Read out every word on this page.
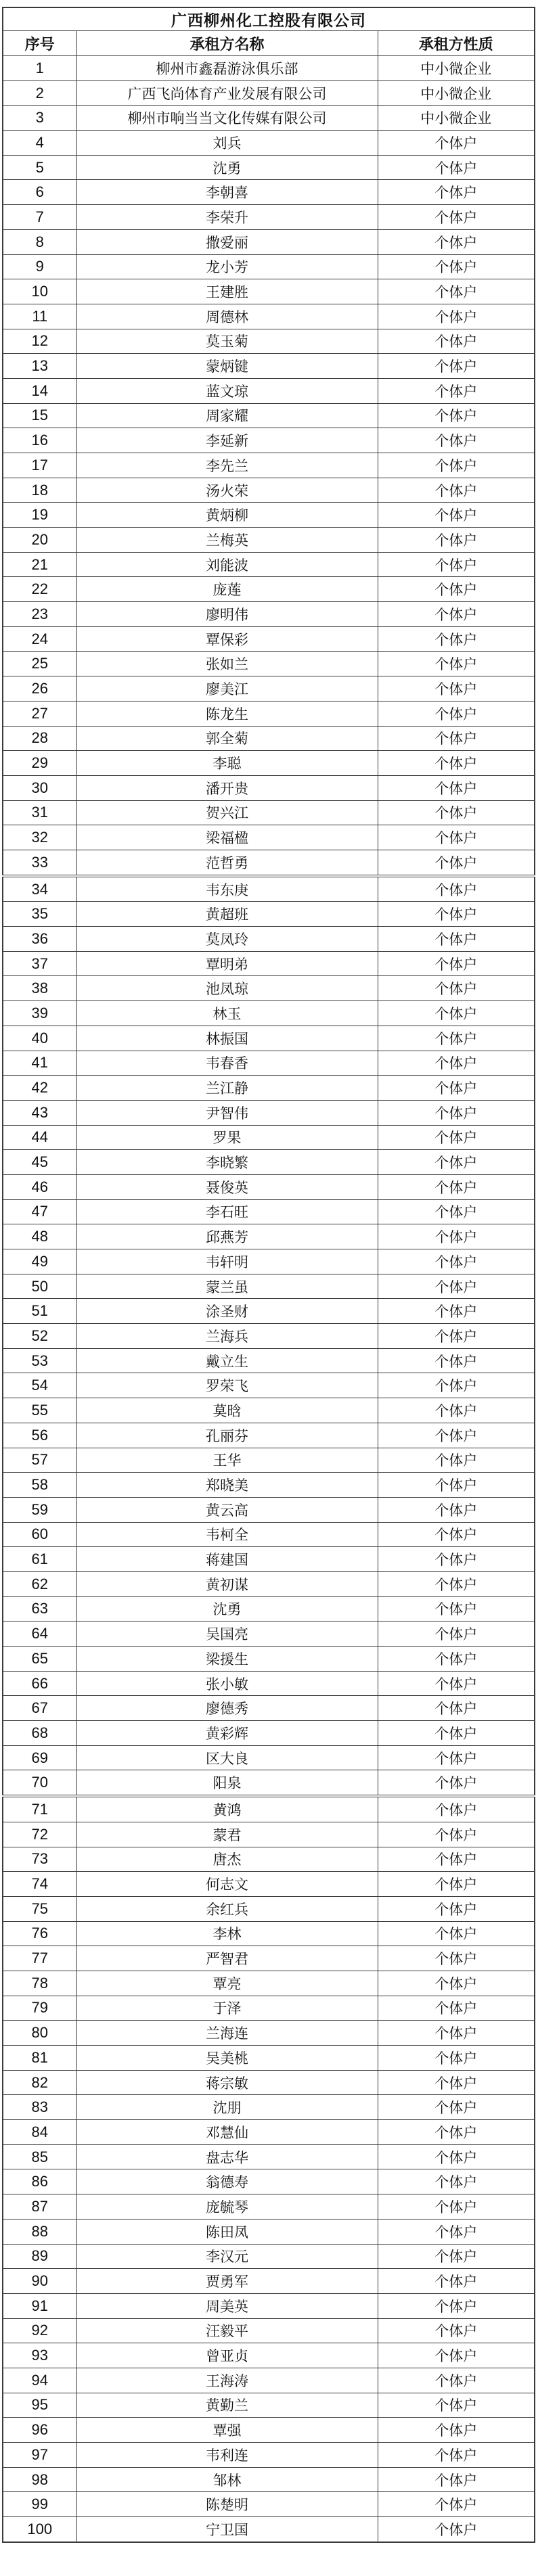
广西柳州化工控股有限公司		
序号	承租方名称	承租方性质
1	柳州市鑫磊游泳俱乐部	中小微企业
2	广西飞尚体育产业发展有限公司	中小微企业
3	柳州市响当当文化传媒有限公司	中小微企业
4	刘兵	个体户
5	沈勇	个体户
6	李朝喜	个体户
7	李荣升	个体户
8	撒爱丽	个体户
9	龙小芳	个体户
10	王建胜	个体户
11	周德林	个体户
12	莫玉菊	个体户
13	蒙炳键	个体户
14	蓝文琼	个体户
15	周家耀	个体户
16	李延新	个体户
17	李先兰	个体户
18	汤火荣	个体户
19	黄炳柳	个体户
20	兰梅英	个体户
21	刘能波	个体户
22	庞莲	个体户
23	廖明伟	个体户
24	覃保彩	个体户
25	张如兰	个体户
26	廖美江	个体户
27	陈龙生	个体户
28	郭全菊	个体户
29	李聪	个体户
30	潘开贵	个体户
31	贺兴江	个体户
32	梁福楹	个体户
33	范哲勇	个体户
34	韦东庚	个体户
35	黄超班	个体户
36	莫凤玲	个体户
37	覃明弟	个体户
38	池凤琼	个体户
39	林玉	个体户
40	林振国	个体户
41	韦春香	个体户
42	兰江静	个体户
43	尹智伟	个体户
44	罗果	个体户
45	李晓繁	个体户
46	聂俊英	个体户
47	李石旺	个体户
48	邱燕芳	个体户
49	韦轩明	个体户
50	蒙兰虽	个体户
51	涂圣财	个体户
52	兰海兵	个体户
53	戴立生	个体户
54	罗荣飞	个体户
55	莫晗	个体户
56	孔丽芬	个体户
57	王华	个体户
58	郑晓美	个体户
59	黄云高	个体户
60	韦柯全	个体户
61	蒋建国	个体户
62	黄初谋	个体户
63	沈勇	个体户
64	吴国亮	个体户
65	梁援生	个体户
66	张小敏	个体户
67	廖德秀	个体户
68	黄彩辉	个体户
69	区大良	个体户
70	阳泉	个体户
71	黄鸿	个体户
72	蒙君	个体户
73	唐杰	个体户
74	何志文	个体户
75	余红兵	个体户
76	李林	个体户
77	严智君	个体户
78	覃亮	个体户
79	于泽	个体户
80	兰海连	个体户
81	吴美桃	个体户
82	蒋宗敏	个体户
83	沈朋	个体户
84	邓慧仙	个体户
85	盘志华	个体户
86	翁德寿	个体户
87	庞毓琴	个体户
88	陈田凤	个体户
89	李汉元	个体户
90	贾勇军	个体户
91	周美英	个体户
92	汪毅平	个体户
93	曾亚贞	个体户
94	王海涛	个体户
95	黄勤兰	个体户
96	覃强	个体户
97	韦利连	个体户
98	邹林	个体户
99	陈楚明	个体户
100	宁卫国	个体户
